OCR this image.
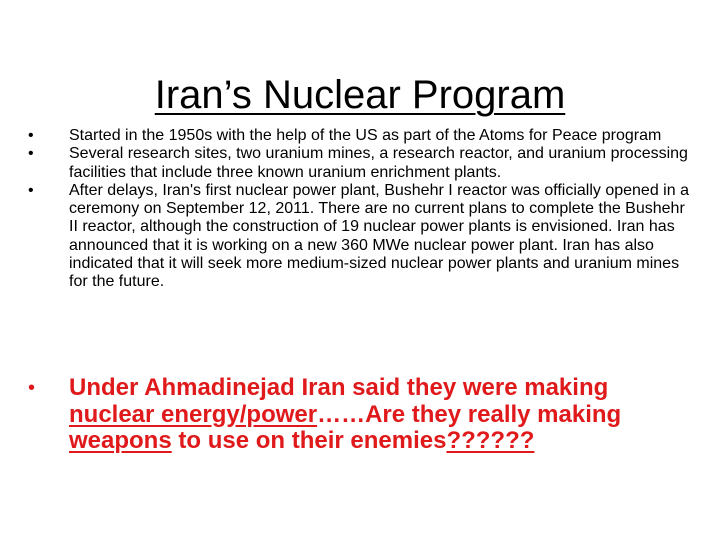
Iran’s Nuclear Program
•	Started in the 1950s with the help of the US as part of the Atoms for Peace program
•	Several research sites, two uranium mines, a research reactor, and uranium processing facilities that include three known uranium enrichment plants.
•	After delays, Iran's first nuclear power plant, Bushehr I reactor was officially opened in a ceremony on September 12, 2011. There are no current plans to complete the Bushehr II reactor, although the construction of 19 nuclear power plants is envisioned. Iran has announced that it is working on a new 360 MWe nuclear power plant. Iran has also indicated that it will seek more medium-sized nuclear power plants and uranium mines for the future.
•	Under Ahmadinejad Iran said they were making nuclear energy/power……Are they really making weapons to use on their enemies??????
